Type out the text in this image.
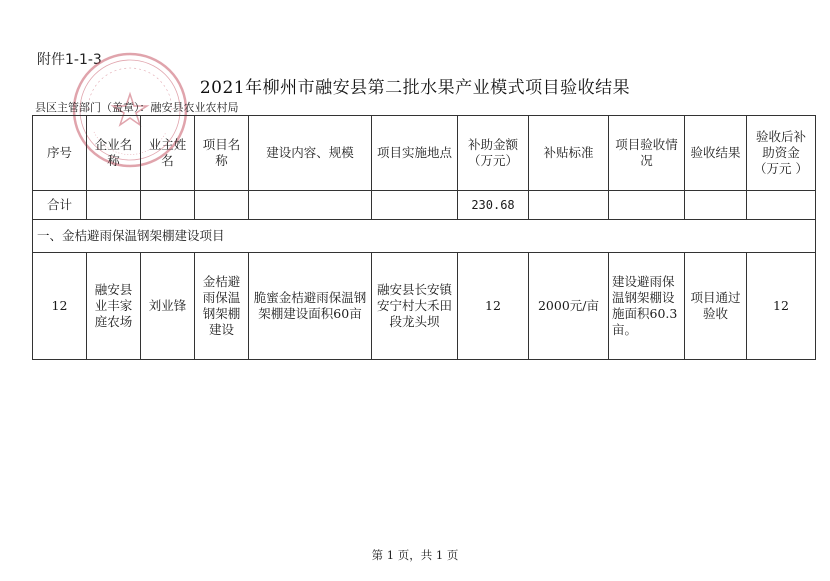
附件1-1-3
2021年柳州市融安县第二批水果产业模式项目验收结果
县区主管部门（盖章）：融安县农业农村局
序号	企业名称	业主姓名	项目名称	建设内容、规模	项目实施地点	补助金额（万元）	补贴标准	项目验收情况	验收结果	验收后补助资金（万元 ）
合计						230.68				
一、金桔避雨保温钢架棚建设项目										
12	融安县业丰家庭农场	刘业锋	金桔避雨保温钢架棚建设	脆蜜金桔避雨保温钢架棚建设面积60亩	融安县长安镇安宁村大禾田段龙头坝	12	2000元/亩	建设避雨保温钢架棚设施面积60.3亩。	项目通过验收	12
第 1 页，共 1 页
